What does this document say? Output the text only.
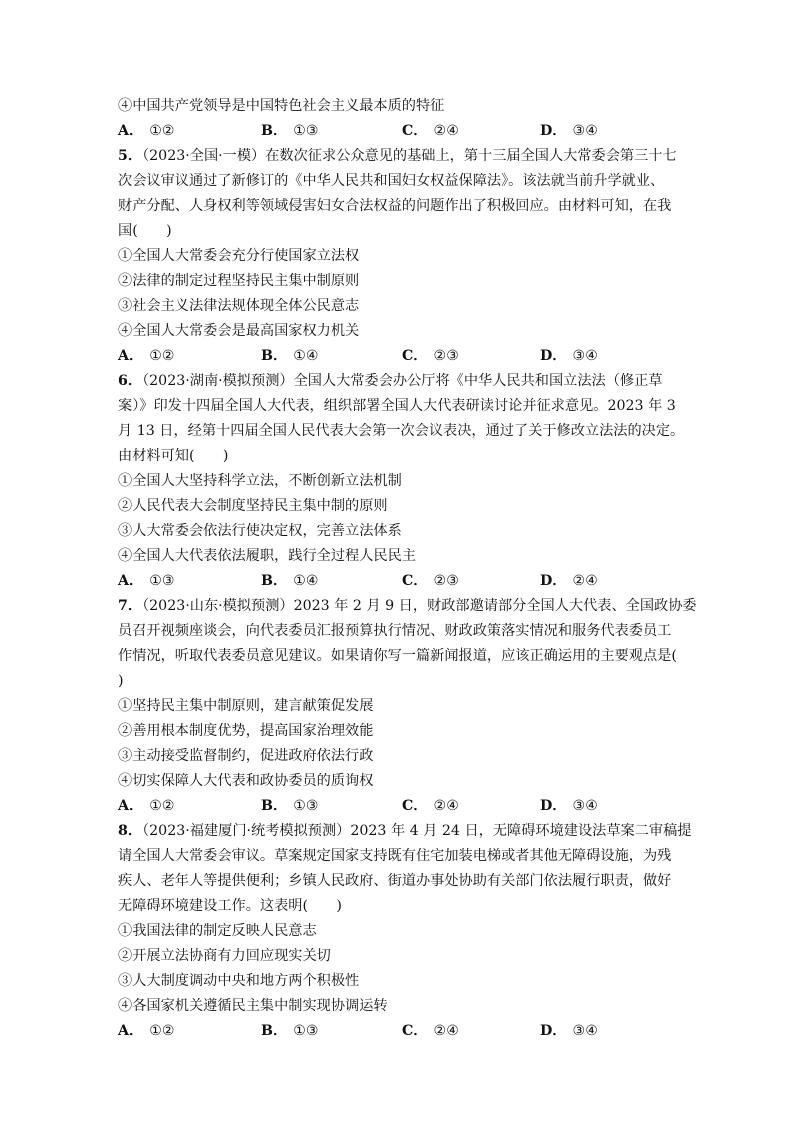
④中国共产党领导是中国特色社会主义最本质的特征
A． ①②	B． ①③	C． ②④	D． ③④
5．（2023·全国·一模）在数次征求公众意见的基础上，第十三届全国人大常委会第三十七
次会议审议通过了新修订的《中华人民共和国妇女权益保障法》。该法就当前升学就业、
财产分配、人身权利等领域侵害妇女合法权益的问题作出了积极回应。由材料可知，在我
国(　　)
①全国人大常委会充分行使国家立法权
②法律的制定过程坚持民主集中制原则
③社会主义法律法规体现全体公民意志
④全国人大常委会是最高国家权力机关
A． ①②	B． ①④	C． ②③	D． ③④
6．（2023·湖南·模拟预测）全国人大常委会办公厅将《中华人民共和国立法法（修正草
案）》印发十四届全国人大代表，组织部署全国人大代表研读讨论并征求意见。2023 年 3
月 13 日，经第十四届全国人民代表大会第一次会议表决，通过了关于修改立法法的决定。
由材料可知(　　)
①全国人大坚持科学立法，不断创新立法机制
②人民代表大会制度坚持民主集中制的原则
③人大常委会依法行使决定权，完善立法体系
④全国人大代表依法履职，践行全过程人民民主
A． ①③	B． ①④	C． ②③	D． ②④
7．（2023·山东·模拟预测）2023 年 2 月 9 日，财政部邀请部分全国人大代表、全国政协委
员召开视频座谈会，向代表委员汇报预算执行情况、财政政策落实情况和服务代表委员工
作情况，听取代表委员意见建议。如果请你写一篇新闻报道，应该正确运用的主要观点是(
)
①坚持民主集中制原则，建言献策促发展
②善用根本制度优势，提高国家治理效能
③主动接受监督制约，促进政府依法行政
④切实保障人大代表和政协委员的质询权
A． ①②	B． ①③	C． ②④	D． ③④
8．（2023·福建厦门·统考模拟预测）2023 年 4 月 24 日，无障碍环境建设法草案二审稿提
请全国人大常委会审议。草案规定国家支持既有住宅加装电梯或者其他无障碍设施，为残
疾人、老年人等提供便利；乡镇人民政府、街道办事处协助有关部门依法履行职责，做好
无障碍环境建设工作。这表明(　　)
①我国法律的制定反映人民意志
②开展立法协商有力回应现实关切
③人大制度调动中央和地方两个积极性
④各国家机关遵循民主集中制实现协调运转
A． ①②	B． ①③	C． ②④	D． ③④
